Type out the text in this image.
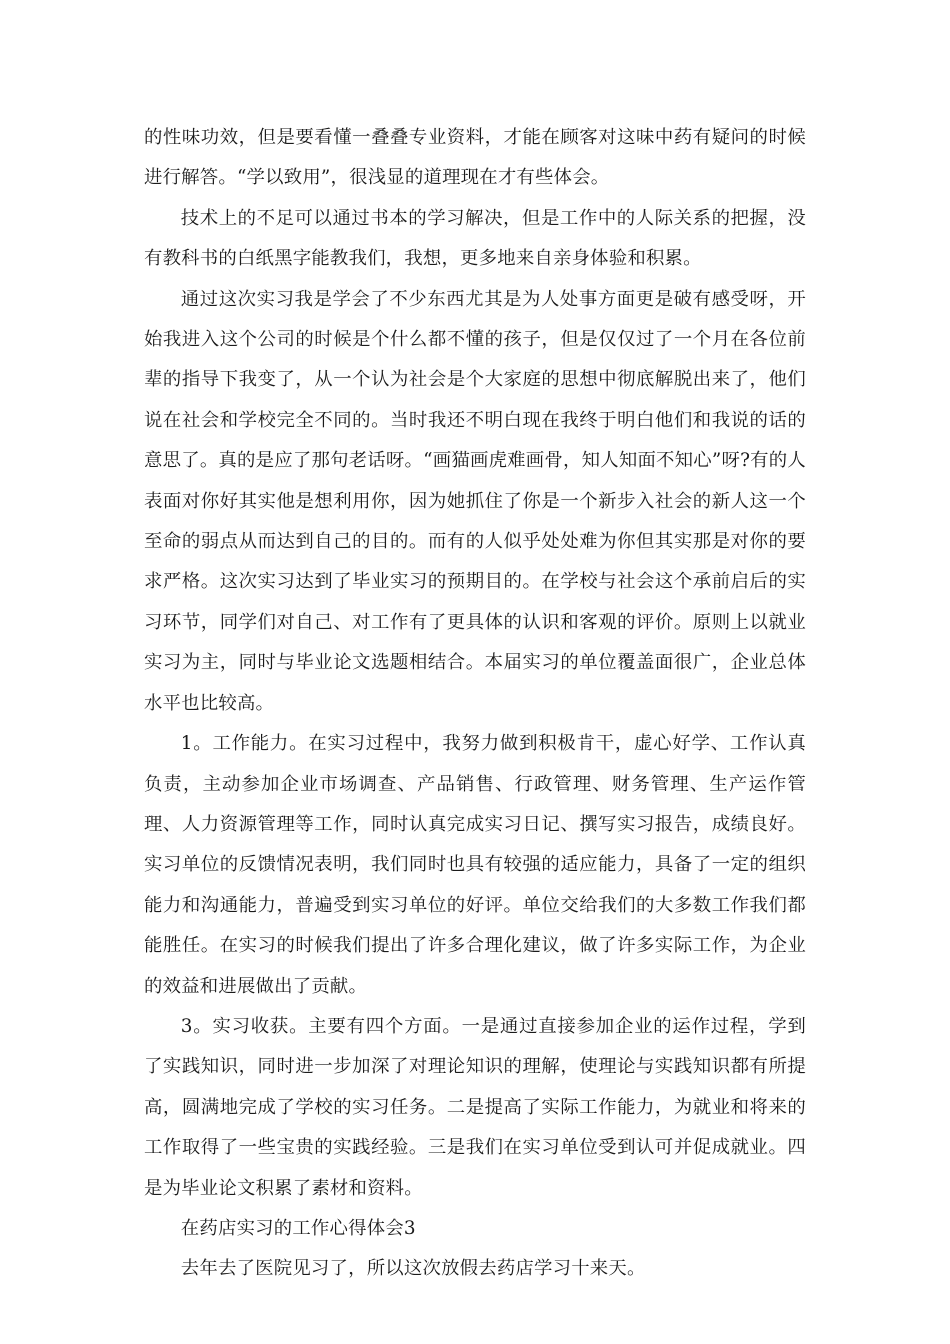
的性味功效，但是要看懂一叠叠专业资料，才能在顾客对这味中药有疑问的时候进行解答。“学以致用”，很浅显的道理现在才有些体会。

技术上的不足可以通过书本的学习解决，但是工作中的人际关系的把握，没有教科书的白纸黑字能教我们，我想，更多地来自亲身体验和积累。

通过这次实习我是学会了不少东西尤其是为人处事方面更是破有感受呀，开始我进入这个公司的时候是个什么都不懂的孩子，但是仅仅过了一个月在各位前辈的指导下我变了，从一个认为社会是个大家庭的思想中彻底解脱出来了，他们说在社会和学校完全不同的。当时我还不明白现在我终于明白他们和我说的话的意思了。真的是应了那句老话呀。“画猫画虎难画骨，知人知面不知心”呀?有的人表面对你好其实他是想利用你，因为她抓住了你是一个新步入社会的新人这一个至命的弱点从而达到自己的目的。而有的人似乎处处难为你但其实那是对你的要求严格。这次实习达到了毕业实习的预期目的。在学校与社会这个承前启后的实习环节，同学们对自己、对工作有了更具体的认识和客观的评价。原则上以就业实习为主，同时与毕业论文选题相结合。本届实习的单位覆盖面很广，企业总体水平也比较高。

1。工作能力。在实习过程中，我努力做到积极肯干，虚心好学、工作认真负责，主动参加企业市场调查、产品销售、行政管理、财务管理、生产运作管理、人力资源管理等工作，同时认真完成实习日记、撰写实习报告，成绩良好。实习单位的反馈情况表明，我们同时也具有较强的适应能力，具备了一定的组织能力和沟通能力，普遍受到实习单位的好评。单位交给我们的大多数工作我们都能胜任。在实习的时候我们提出了许多合理化建议，做了许多实际工作，为企业的效益和进展做出了贡献。

3。实习收获。主要有四个方面。一是通过直接参加企业的运作过程，学到了实践知识，同时进一步加深了对理论知识的理解，使理论与实践知识都有所提高，圆满地完成了学校的实习任务。二是提高了实际工作能力，为就业和将来的工作取得了一些宝贵的实践经验。三是我们在实习单位受到认可并促成就业。四是为毕业论文积累了素材和资料。

在药店实习的工作心得体会3

去年去了医院见习了，所以这次放假去药店学习十来天。
